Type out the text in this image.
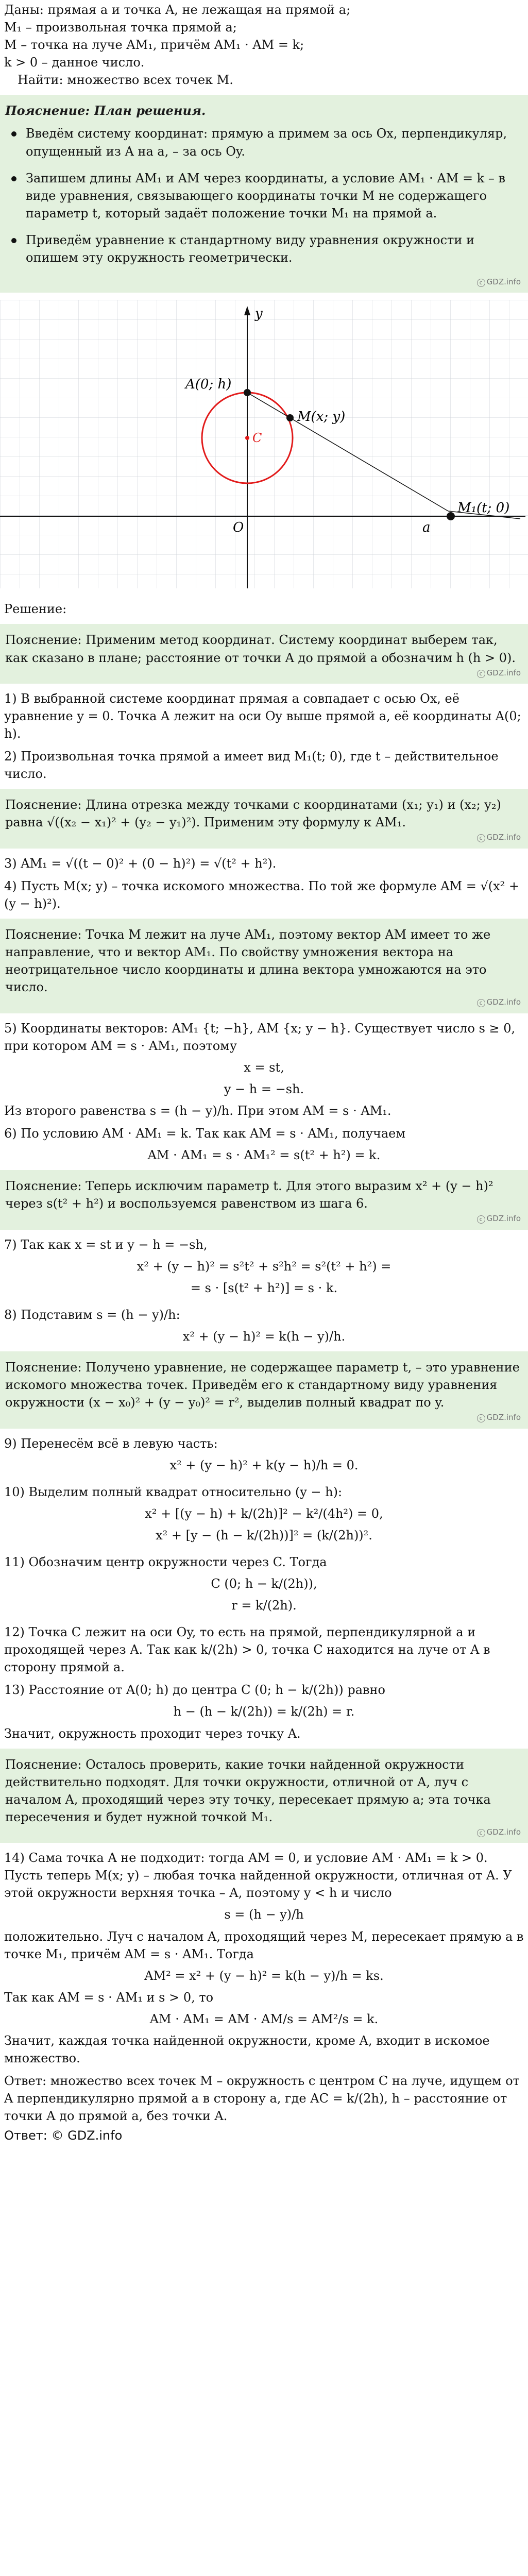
Даны: прямая a и точка A, не лежащая на прямой a;
M₁ – произвольная точка прямой a;
M – точка на луче AM₁, причём AM₁ · AM = k;
k > 0 – данное число.
Найти: множество всех точек M.
Пояснение: План решения.
Введём систему координат: прямую a примем за ось Ox, перпендикуляр, опущенный из A на a, – за ось Oy.
Запишем длины AM₁ и AM через координаты, а условие AM₁ · AM = k – в виде уравнения, связывающего координаты точки M не содержащего параметр t, который задаёт положение точки M₁ на прямой a.
Приведём уравнение к стандартному виду уравнения окружности и опишем эту окружность геометрически.
c GDZ.info
y
A(0; h)
C
M(x; y)
O	a
M₁(t; 0)
Решение:
Пояснение: Применим метод координат. Систему координат выберем так, как сказано в плане; расстояние от точки A до прямой a обозначим h (h > 0).
c GDZ.info
1) В выбранной системе координат прямая a совпадает с осью Ox, её уравнение y = 0. Точка A лежит на оси Oy выше прямой a, её координаты A(0; h).
2) Произвольная точка прямой a имеет вид M₁(t; 0), где t – действительное число.
Пояснение: Длина отрезка между точками с координатами (x₁; y₁) и (x₂; y₂) равна √((x₂ − x₁)² + (y₂ − y₁)²). Применим эту формулу к AM₁.
c GDZ.info
3) AM₁ = √((t − 0)² + (0 − h)²) = √(t² + h²).
4) Пусть M(x; y) – точка искомого множества. По той же формуле AM = √(x² + (y − h)²).
Пояснение: Точка M лежит на луче AM₁, поэтому вектор AM имеет то же направление, что и вектор AM₁. По свойству умножения вектора на неотрицательное число координаты и длина вектора умножаются на это число.
c GDZ.info
5) Координаты векторов: AM₁ {t; −h}, AM {x; y − h}. Существует число s ≥ 0, при котором AM = s · AM₁, поэтому
x = st,
y − h = −sh.
Из второго равенства s = (h − y)/h. При этом AM = s · AM₁.
6) По условию AM · AM₁ = k. Так как AM = s · AM₁, получаем
AM · AM₁ = s · AM₁² = s(t² + h²) = k.
Пояснение: Теперь исключим параметр t. Для этого выразим x² + (y − h)² через s(t² + h²) и воспользуемся равенством из шага 6.
c GDZ.info
7) Так как x = st и y − h = −sh,
x² + (y − h)² = s²t² + s²h² = s²(t² + h²) =
= s · [s(t² + h²)] = s · k.
8) Подставим s = (h − y)/h:
x² + (y − h)² = k(h − y)/h.
Пояснение: Получено уравнение, не содержащее параметр t, – это уравнение искомого множества точек. Приведём его к стандартному виду уравнения окружности (x − x₀)² + (y − y₀)² = r², выделив полный квадрат по y.
c GDZ.info
9) Перенесём всё в левую часть:
x² + (y − h)² + k(y − h)/h = 0.
10) Выделим полный квадрат относительно (y − h):
x² + [(y − h) + k/(2h)]² − k²/(4h²) = 0,
x² + [y − (h − k/(2h))]² = (k/(2h))².
11) Обозначим центр окружности через C. Тогда
C (0; h − k/(2h)),
r = k/(2h).
12) Точка C лежит на оси Oy, то есть на прямой, перпендикулярной a и проходящей через A. Так как k/(2h) > 0, точка C находится на луче от A в сторону прямой a.
13) Расстояние от A(0; h) до центра C (0; h − k/(2h)) равно
h − (h − k/(2h)) = k/(2h) = r.
Значит, окружность проходит через точку A.
Пояснение: Осталось проверить, какие точки найденной окружности действительно подходят. Для точки окружности, отличной от A, луч с началом A, проходящий через эту точку, пересекает прямую a; эта точка пересечения и будет нужной точкой M₁.
c GDZ.info
14) Сама точка A не подходит: тогда AM = 0, и условие AM · AM₁ = k > 0.
Пусть теперь M(x; y) – любая точка найденной окружности, отличная от A. У этой окружности верхняя точка – A, поэтому y < h и число
s = (h − y)/h
положительно. Луч с началом A, проходящий через M, пересекает прямую a в точке M₁, причём AM = s · AM₁. Тогда
AM² = x² + (y − h)² = k(h − y)/h = ks.
Так как AM = s · AM₁ и s > 0, то
AM · AM₁ = AM · AM/s = AM²/s = k.
Значит, каждая точка найденной окружности, кроме A, входит в искомое множество.
Ответ: множество всех точек M – окружность с центром C на луче, идущем от A перпендикулярно прямой a в сторону a, где AC = k/(2h), h – расстояние от точки A до прямой a, без точки A.
Ответ: © GDZ.info
